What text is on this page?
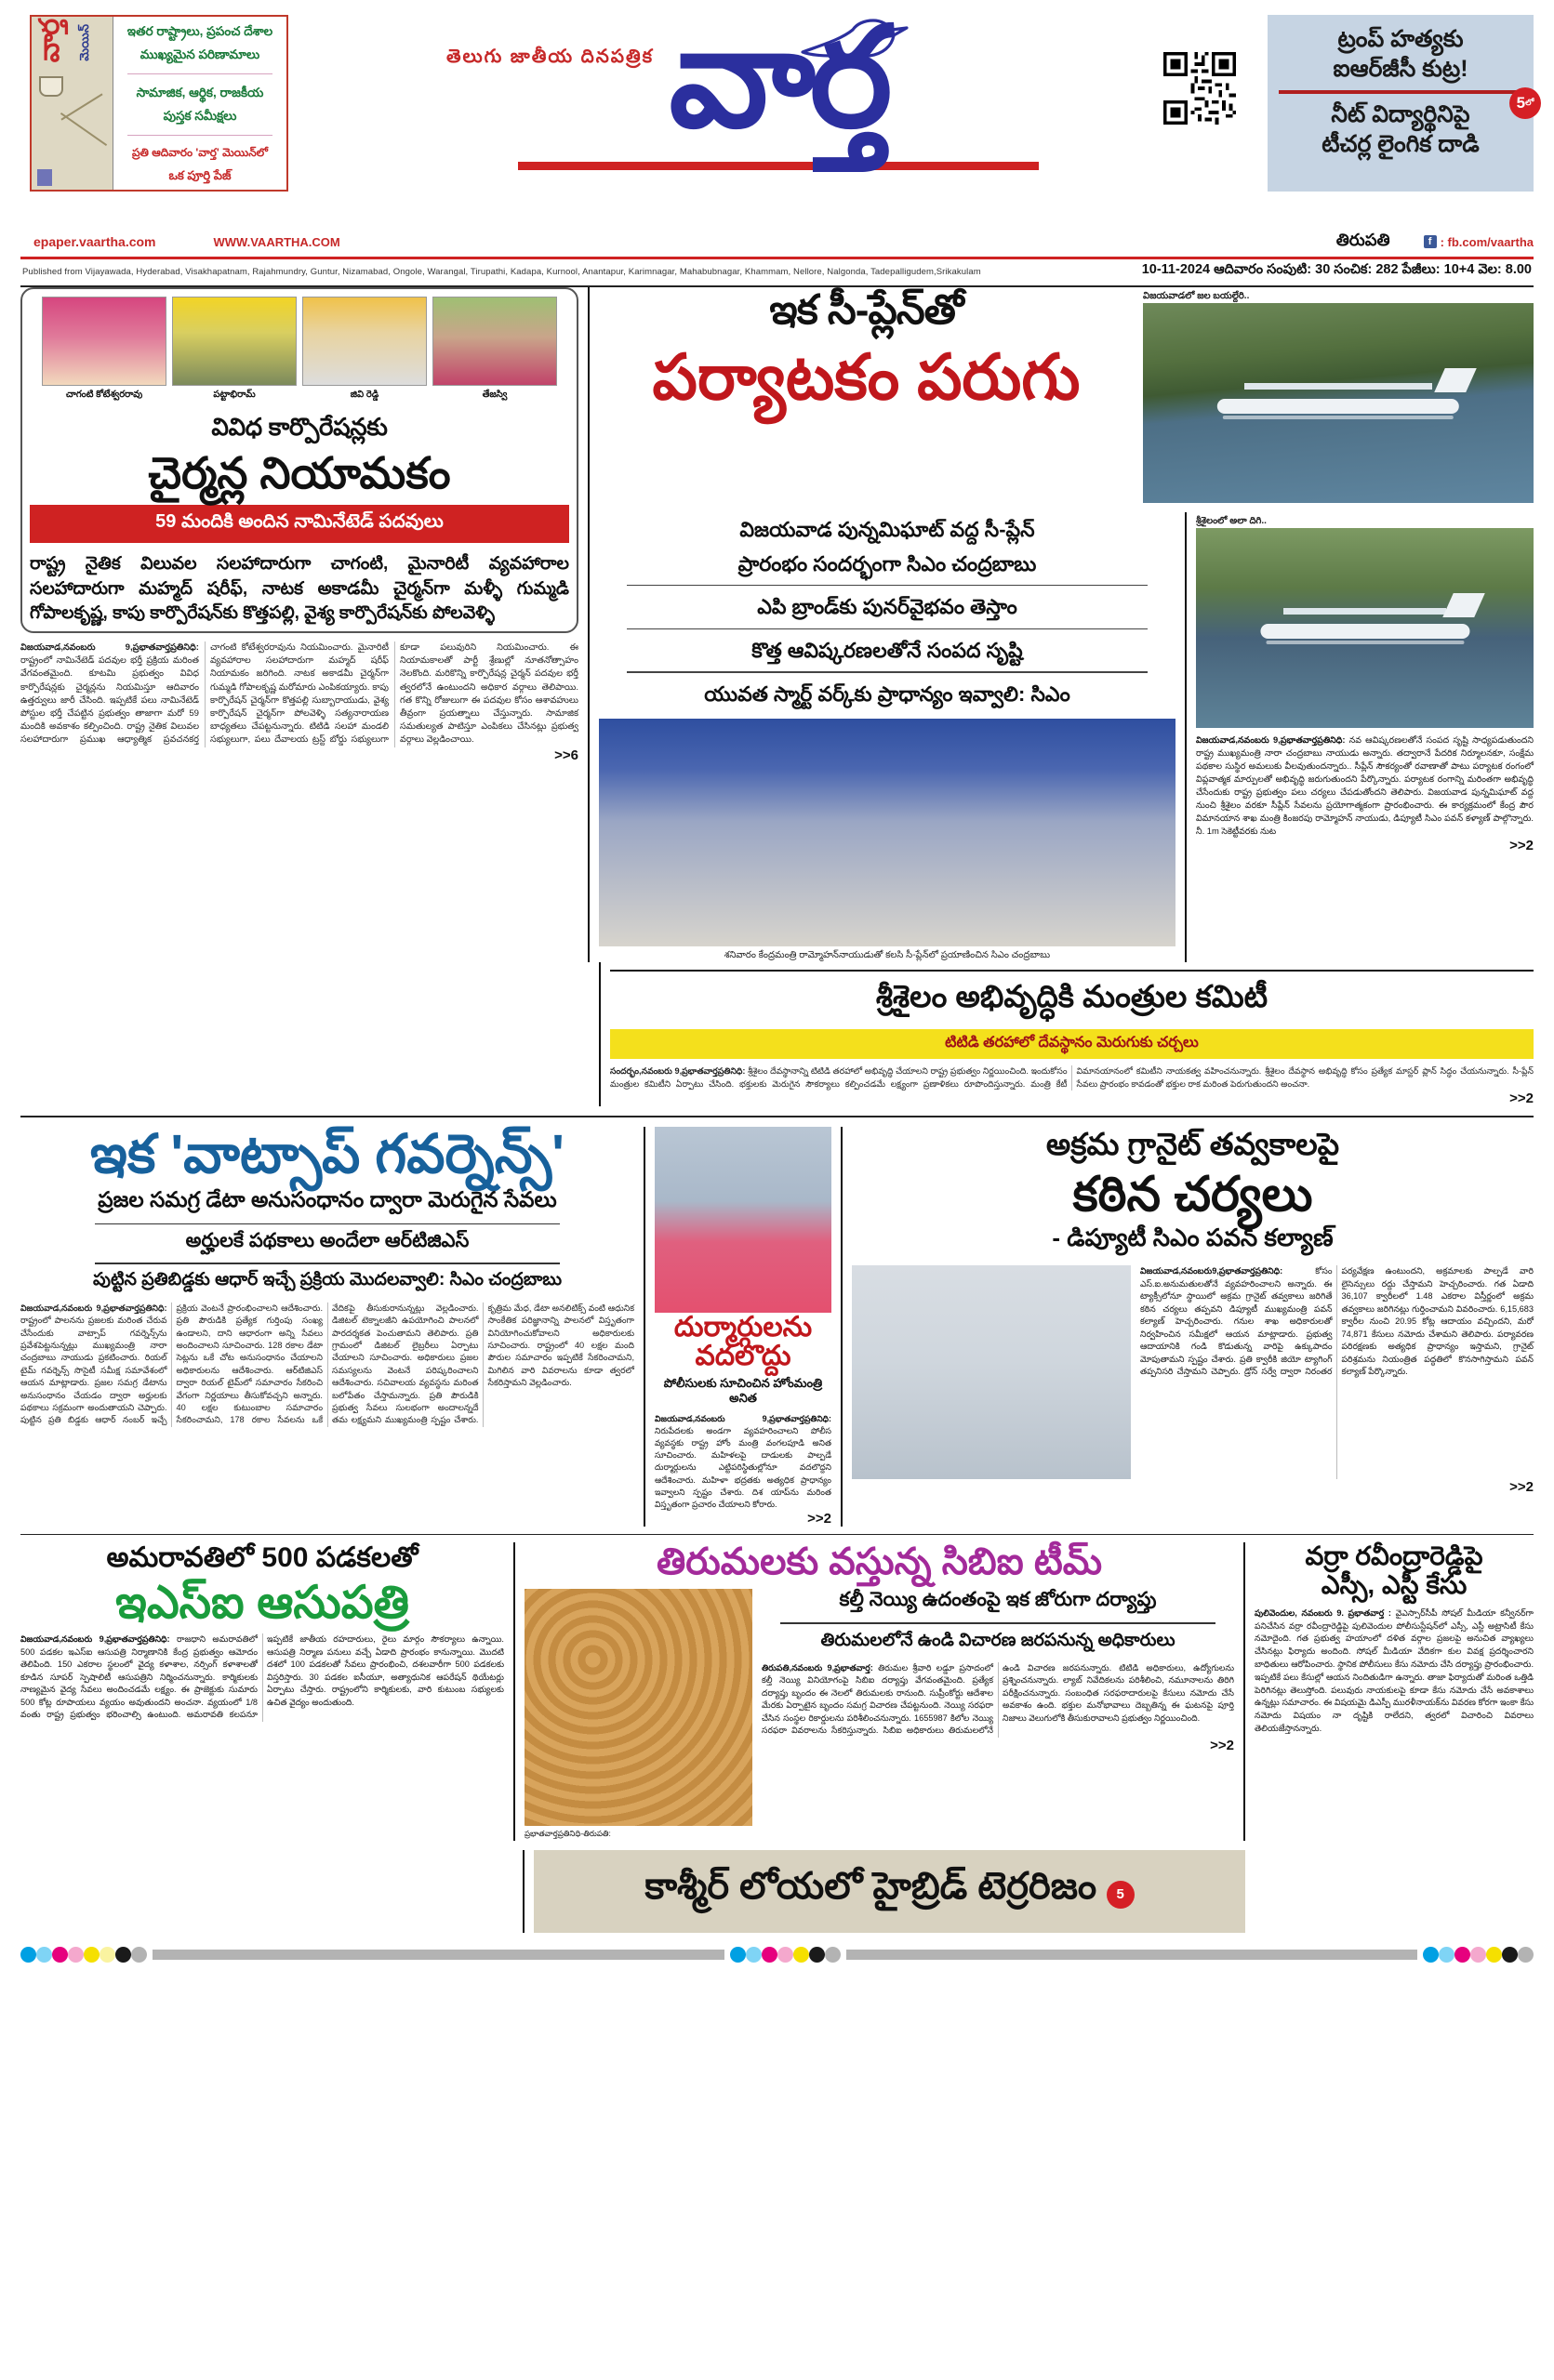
వార్త	మెయిన్	ఇతర రాష్ట్రాలు, ప్రపంచ దేశాల
ముఖ్యమైన పరిణామాలు
సామాజిక, ఆర్థిక, రాజకీయ
పుస్తక సమీక్షలు
ప్రతి ఆదివారం 'వార్త' మెయిన్‌లో
ఒక పూర్తి పేజ్
తెలుగు జాతీయ దినపత్రిక వార్త	ట్రంప్ హత్యకు
ఐఆర్‌జీసీ కుట్ర!
నీట్ విద్యార్థినిపై
టీచర్ల లైంగిక దాడి
5 లో
epaper.vaartha.com	WWW.VAARTHA.COM	తిరుపతి	f : fb.com/vaartha
Published from Vijayawada, Hyderabad, Visakhapatnam, Rajahmundry, Guntur, Nizamabad, Ongole, Warangal, Tirupathi, Kadapa, Kurnool, Anantapur, Karimnagar, Mahabubnagar, Khammam, Nellore, Nalgonda, Tadepalligudem,Srikakulam	10-11-2024 ఆదివారం సంపుటి: 30 సంచిక: 282 పేజీలు: 10+4 వెల: 8.00
చాగంటి కోటేశ్వరరావు	పట్టాభిరామ్	జివి రెడ్డి	తేజస్వి
వివిధ కార్పొరేషన్లకు
చైర్మన్ల నియామకం
59 మందికి అందిన నామినేటెడ్ పదవులు
రాష్ట్ర నైతిక విలువల సలహాదారుగా చాగంటి, మైనారిటీ వ్యవహారాల సలహాదారుగా మహ్మద్ షరీఫ్, నాటక అకాడమీ చైర్మన్‌గా మళ్ళీ గుమ్మడి గోపాలకృష్ణ, కాపు కార్పొరేషన్‌కు కొత్తపల్లి, వైశ్య కార్పొరేషన్‌కు పోలవెళ్ళి
విజయవాడ,నవంబరు 9,ప్రభాతవార్తప్రతినిధి: రాష్ట్రంలో నామినేటెడ్ పదవుల భర్తీ ప్రక్రియ మరింత వేగవంతమైంది. కూటమి ప్రభుత్వం వివిధ కార్పొరేషన్లకు చైర్మన్లను నియమిస్తూ ఆదివారం ఉత్తర్వులు జారీ చేసింది. ఇప్పటికే పలు నామినేటెడ్ పోస్టుల భర్తీ చేపట్టిన ప్రభుత్వం తాజాగా మరో 59 మందికి అవకాశం కల్పించింది. రాష్ట్ర నైతిక విలువల సలహాదారుగా ప్రముఖ ఆధ్యాత్మిక ప్రవచనకర్త చాగంటి కోటేశ్వరరావును నియమించారు. మైనారిటీ వ్యవహారాల సలహాదారుగా మహ్మద్ షరీఫ్ నియామకం జరిగింది. నాటక అకాడమీ చైర్మన్‌గా గుమ్మడి గోపాలకృష్ణ మరోమారు ఎంపికయ్యారు. కాపు కార్పొరేషన్ చైర్మన్‌గా కొత్తపల్లి సుబ్బారాయుడు, వైశ్య కార్పొరేషన్ చైర్మన్‌గా పోలవెళ్ళి సత్యనారాయణ బాధ్యతలు చేపట్టనున్నారు. టిటిడి సలహా మండలి సభ్యులుగా, పలు దేవాలయ ట్రస్ట్ బోర్డు సభ్యులుగా కూడా పలువురిని నియమించారు. ఈ నియామకాలతో పార్టీ శ్రేణుల్లో నూతనోత్సాహం నెలకొంది. మరికొన్ని కార్పొరేషన్ల చైర్మన్ పదవుల భర్తీ త్వరలోనే ఉంటుందని అధికార వర్గాలు తెలిపాయి. గత కొన్ని రోజులుగా ఈ పదవుల కోసం ఆశావహులు తీవ్రంగా ప్రయత్నాలు చేస్తున్నారు. సామాజిక సమతుల్యత పాటిస్తూ ఎంపికలు చేసినట్లు ప్రభుత్వ వర్గాలు వెల్లడించాయి.
>>6
ఇక సీ-ప్లేన్‌తో
పర్యాటకం పరుగు
విజయవాడలో జల బయల్దేరి..
విజయవాడ పున్నమిఘాట్ వద్ద సీ-ప్లేన్
ప్రారంభం సందర్భంగా సిఎం చంద్రబాబు
ఎపి బ్రాండ్‌కు పునర్‌వైభవం తెస్తాం
కొత్త ఆవిష్కరణలతోనే సంపద సృష్టి
యువత స్మార్ట్ వర్క్‌కు ప్రాధాన్యం ఇవ్వాలి: సిఎం
శనివారం కేంద్రమంత్రి రామ్మోహన్‌నాయుడుతో కలసి సీ-ప్లేన్‌లో ప్రయాణించిన సిఎం చంద్రబాబు
శ్రీశైలంలో అలా దిగి..
విజయవాడ,నవంబరు 9,ప్రభాతవార్తప్రతినిధి: నవ ఆవిష్కరణలతోనే సంపద సృష్టి సాధ్యపడుతుందని రాష్ట్ర ముఖ్యమంత్రి నారా చంద్రబాబు నాయుడు అన్నారు. తద్వారానే పేదరిక నిర్మూలనకూ, సంక్షేమ పథకాల సుస్థిర అమలుకు వీలవుతుందన్నారు.. సీప్లేన్ సౌకర్యంతో రవాణాతో పాటు పర్యాటక రంగంలో విప్లవాత్మక మార్పులతో అభివృద్ధి జరుగుతుందని పేర్కొన్నారు. పర్యాటక రంగాన్ని మరింతగా అభివృద్ధి చేసేందుకు రాష్ట్ర ప్రభుత్వం పలు చర్యలు చేపడుతోందని తెలిపారు. విజయవాడ పున్నమిఘాట్ వద్ద నుంచి శ్రీశైలం వరకూ సీప్లేన్ సేవలను ప్రయోగాత్మకంగా ప్రారంభించారు. ఈ కార్యక్రమంలో కేంద్ర పౌర విమానయాన శాఖ మంత్రి కింజరపు రామ్మోహన్ నాయుడు, డిప్యూటీ సిఎం పవన్ కళ్యాణ్ పాల్గొన్నారు. నీ. 1m సెకెట్టీవరకు నుట
>>2
శ్రీశైలం అభివృద్ధికి మంత్రుల కమిటీ
టిటిడి తరహాలో దేవస్థానం మెరుగుకు చర్చలు
సందర్భం,నవంబరు 9,ప్రభాతవార్తప్రతినిధి: శ్రీశైలం దేవస్థానాన్ని టిటిడి తరహాలో అభివృద్ధి చేయాలని రాష్ట్ర ప్రభుత్వం నిర్ణయించింది. ఇందుకోసం మంత్రుల కమిటీని ఏర్పాటు చేసింది. భక్తులకు మెరుగైన సౌకర్యాలు కల్పించడమే లక్ష్యంగా ప్రణాళికలు రూపొందిస్తున్నారు. మంత్రి కేటీ విమానయానంలో కమిటీని నాయకత్వ వహించనున్నారు. శ్రీశైలం దేవస్థాన అభివృద్ధి కోసం ప్రత్యేక మాస్టర్ ప్లాన్ సిద్ధం చేయనున్నారు. సీ-ప్లేన్ సేవలు ప్రారంభం కావడంతో భక్తుల రాక మరింత పెరుగుతుందని అంచనా.
>>2
ఇక 'వాట్సాప్ గవర్నెన్స్'
ప్రజల సమగ్ర డేటా అనుసంధానం ద్వారా మెరుగైన సేవలు
అర్హులకే పథకాలు అందేలా ఆర్‌టిజిఎస్
పుట్టిన ప్రతిబిడ్డకు ఆధార్ ఇచ్చే ప్రక్రియ మొదలవ్వాలి: సిఎం చంద్రబాబు
విజయవాడ,నవంబరు 9,ప్రభాతవార్తప్రతినిధి: రాష్ట్రంలో పాలనను ప్రజలకు మరింత చేరువ చేసేందుకు వాట్సాప్ గవర్నెన్స్‌ను ప్రవేశపెట్టనున్నట్లు ముఖ్యమంత్రి నారా చంద్రబాబు నాయుడు ప్రకటించారు. రియల్ టైమ్ గవర్నెన్స్ సొసైటీ సమీక్ష సమావేశంలో ఆయన మాట్లాడారు. ప్రజల సమగ్ర డేటాను అనుసంధానం చేయడం ద్వారా అర్హులకు పథకాలు సక్రమంగా అందుతాయని చెప్పారు. పుట్టిన ప్రతి బిడ్డకు ఆధార్ నంబర్ ఇచ్చే ప్రక్రియ వెంటనే ప్రారంభించాలని ఆదేశించారు. ప్రతి పౌరుడికి ప్రత్యేక గుర్తింపు సంఖ్య ఉండాలని, దాని ఆధారంగా అన్ని సేవలు అందించాలని సూచించారు. 128 రకాల డేటా సెట్లను ఒకే చోట అనుసంధానం చేయాలని అధికారులను ఆదేశించారు. ఆర్‌టిజిఎస్ ద్వారా రియల్ టైమ్‌లో సమాచారం సేకరించి వేగంగా నిర్ణయాలు తీసుకోవచ్చని అన్నారు. 40 లక్షల కుటుంబాల సమాచారం సేకరించామని, 178 రకాల సేవలను ఒకే వేదికపై తీసుకురానున్నట్లు వెల్లడించారు. డిజిటల్ టెక్నాలజీని ఉపయోగించి పాలనలో పారదర్శకత పెంచుతామని తెలిపారు. ప్రతి గ్రామంలో డిజిటల్ లైబ్రరీలు ఏర్పాటు చేయాలని సూచించారు. అధికారులు ప్రజల సమస్యలను వెంటనే పరిష్కరించాలని ఆదేశించారు. సచివాలయ వ్యవస్థను మరింత బలోపేతం చేస్తామన్నారు. ప్రతి పౌరుడికి ప్రభుత్వ సేవలు సులభంగా అందాలన్నదే తమ లక్ష్యమని ముఖ్యమంత్రి స్పష్టం చేశారు. కృత్రిమ మేధ, డేటా అనలిటిక్స్ వంటి ఆధునిక సాంకేతిక పరిజ్ఞానాన్ని పాలనలో విస్తృతంగా వినియోగించుకోవాలని అధికారులకు సూచించారు. రాష్ట్రంలో 40 లక్షల మంది పౌరుల సమాచారం ఇప్పటికే సేకరించామని, మిగిలిన వారి వివరాలను కూడా త్వరలో సేకరిస్తామని వెల్లడించారు.
దుర్మార్గులను
వదలొద్దు
పోలీసులకు సూచించిన హోంమంత్రి అనిత
విజయవాడ,నవంబరు 9,ప్రభాతవార్తప్రతినిధి: నిరుపేదలకు అండగా వ్యవహరించాలని పోలీస వ్యవస్థకు రాష్ట్ర హోం మంత్రి వంగలపూడి అనిత సూచించారు. మహిళలపై దాడులకు పాల్పడే దుర్మార్గులను ఎట్టిపరిస్థితుల్లోనూ వదలొద్దని ఆదేశించారు. మహిళా భద్రతకు అత్యధిక ప్రాధాన్యం ఇవ్వాలని స్పష్టం చేశారు. దిశ యాప్‌ను మరింత విస్తృతంగా ప్రచారం చేయాలని కోరారు.
>>2
అక్రమ గ్రానైట్ తవ్వకాలపై
కఠిన చర్యలు
- డిప్యూటీ సిఎం పవన్ కల్యాణ్
విజయవాడ,నవంబరు9,ప్రభాతవార్తప్రతినిధి:	కోసం ఎస్.ఐ.అనుమతులతోనే వ్యవహరించాలని అన్నారు. ఈ ట్యాక్సీలోనూ స్థాయిలో అక్రమ గ్రానైట్ తవ్వకాలు జరిగితే కఠిన చర్యలు తప్పవని డిప్యూటీ ముఖ్యమంత్రి పవన్ కల్యాణ్ హెచ్చరించారు. గనుల శాఖ అధికారులతో నిర్వహించిన సమీక్షలో ఆయన మాట్లాడారు. ప్రభుత్వ ఆదాయానికి గండి కొడుతున్న వారిపై ఉక్కుపాదం మోపుతామని స్పష్టం చేశారు. ప్రతి క్వారీకి జియో ట్యాగింగ్ తప్పనిసరి చేస్తామని చెప్పారు. డ్రోన్ సర్వే ద్వారా నిరంతర పర్యవేక్షణ ఉంటుందని, అక్రమాలకు పాల్పడే వారి లైసెన్సులు రద్దు చేస్తామని హెచ్చరించారు. గత ఏడాది 36,107 క్వారీలలో 1.48 ఎకరాల విస్తీర్ణంలో అక్రమ తవ్వకాలు జరిగినట్లు గుర్తించామని వివరించారు. 6,15,683 క్వారీల నుంచి 20.95 కోట్ల ఆదాయం వచ్చిందని, మరో 74,871 కేసులు నమోదు చేశామని తెలిపారు. పర్యావరణ పరిరక్షణకు అత్యధిక ప్రాధాన్యం ఇస్తామని, గ్రానైట్ పరిశ్రమను నియంత్రిత పద్ధతిలో కొనసాగిస్తామని పవన్ కల్యాణ్ పేర్కొన్నారు.
>>2
అమరావతిలో 500 పడకలతో
ఇఎస్ఐ ఆసుపత్రి
విజయవాడ,నవంబరు 9,ప్రభాతవార్తప్రతినిధి: రాజధాని అమరావతిలో 500 పడకల ఇఎస్ఐ ఆసుపత్రి నిర్మాణానికి కేంద్ర ప్రభుత్వం ఆమోదం తెలిపింది. 150 ఎకరాల స్థలంలో వైద్య కళాశాల, నర్సింగ్ కళాశాలతో కూడిన సూపర్ స్పెషాలిటీ ఆసుపత్రిని నిర్మించనున్నారు. కార్మికులకు నాణ్యమైన వైద్య సేవలు అందించడమే లక్ష్యం. ఈ ప్రాజెక్టుకు సుమారు 500 కోట్ల రూపాయలు వ్యయం అవుతుందని అంచనా. వ్యయంలో 1/8 వంతు రాష్ట్ర ప్రభుత్వం భరించాల్సి ఉంటుంది. అమరావతి కలపనూ ఇప్పటికే జాతీయ రహదారులు, రైలు మార్గం సౌకర్యాలు ఉన్నాయి. ఆసుపత్రి నిర్మాణ పనులు వచ్చే ఏడాది ప్రారంభం కానున్నాయి. మొదటి దశలో 100 పడకలతో సేవలు ప్రారంభించి, దశలవారీగా 500 పడకలకు విస్తరిస్తారు. 30 పడకల ఐసీయూ, అత్యాధునిక ఆపరేషన్ థియేటర్లు ఏర్పాటు చేస్తారు. రాష్ట్రంలోని కార్మికులకు, వారి కుటుంబ సభ్యులకు ఉచిత వైద్యం అందుతుంది.
తిరుమలకు వస్తున్న సిబిఐ టీమ్
ప్రభాతవార్తప్రతినిధి-తిరుపతి:
కల్తీ నెయ్యి ఉదంతంపై ఇక జోరుగా దర్యాప్తు
తిరుమలలోనే ఉండి విచారణ జరపనున్న అధికారులు
తిరుపతి,నవంబరు 9,ప్రభాతవార్త: తిరుమల శ్రీవారి లడ్డూ ప్రసాదంలో కల్తీ నెయ్యి వినియోగంపై సిబిఐ దర్యాప్తు వేగవంతమైంది. ప్రత్యేక దర్యాప్తు బృందం ఈ నెలలో తిరుమలకు రానుంది. సుప్రీంకోర్టు ఆదేశాల మేరకు ఏర్పాటైన బృందం సమగ్ర విచారణ చేపట్టనుంది. నెయ్యి సరఫరా చేసిన సంస్థల రికార్డులను పరిశీలించనున్నారు. 1655987 కిలోల నెయ్యి సరఫరా వివరాలను సేకరిస్తున్నారు. సిబిఐ అధికారులు తిరుమలలోనే ఉండి విచారణ జరపనున్నారు. టిటిడి అధికారులు, ఉద్యోగులను ప్రశ్నించనున్నారు. ల్యాబ్ నివేదికలను పరిశీలించి, నమూనాలను తిరిగి పరీక్షించనున్నారు. సంబంధిత సరఫరాదారులపై కేసులు నమోదు చేసే అవకాశం ఉంది. భక్తుల మనోభావాలు దెబ్బతిన్న ఈ ఘటనపై పూర్తి నిజాలు వెలుగులోకి తీసుకురావాలని ప్రభుత్వం నిర్ణయించింది.
>>2
వర్రా రవీంద్రారెడ్డిపై
ఎస్సీ, ఎస్టీ కేసు
పులివెందుల, నవంబరు 9. ప్రభాతవార్త : వైఎస్సార్‌సీపీ సోషల్ మీడియా కన్వీనర్‌గా పనిచేసిన వర్రా రవీంద్రారెడ్డిపై పులివెందుల పోలీసుస్టేషన్‌లో ఎస్సీ, ఎస్టీ అట్రాసిటీ కేసు నమోదైంది. గత ప్రభుత్వ హయాంలో దళిత వర్గాల ప్రజలపై అనుచిత వ్యాఖ్యలు చేసినట్లు ఫిర్యాదు అందింది. సోషల్ మీడియా వేదికగా కుల వివక్ష ప్రదర్శించారని బాధితులు ఆరోపించారు. స్థానిక పోలీసులు కేసు నమోదు చేసి దర్యాప్తు ప్రారంభించారు. ఇప్పటికే పలు కేసుల్లో ఆయన నిందితుడిగా ఉన్నారు. తాజా ఫిర్యాదుతో మరింత ఒత్తిడి పెరిగినట్లు తెలుస్తోంది. పలువురు నాయకులపై కూడా కేసు నమోదు చేసే అవకాశాలు ఉన్నట్లు సమాచారం. ఈ విషయమై డిఎస్పీ మురళీనాయక్‌ను వివరణ కోరగా ఇంకా కేసు నమోదు విషయం నా దృష్టికి రాలేదని, త్వరలో విచారించి వివరాలు తెలియజేస్తానన్నారు.
కాశ్మీర్ లోయలో హైబ్రిడ్ టెర్రరిజం 5
